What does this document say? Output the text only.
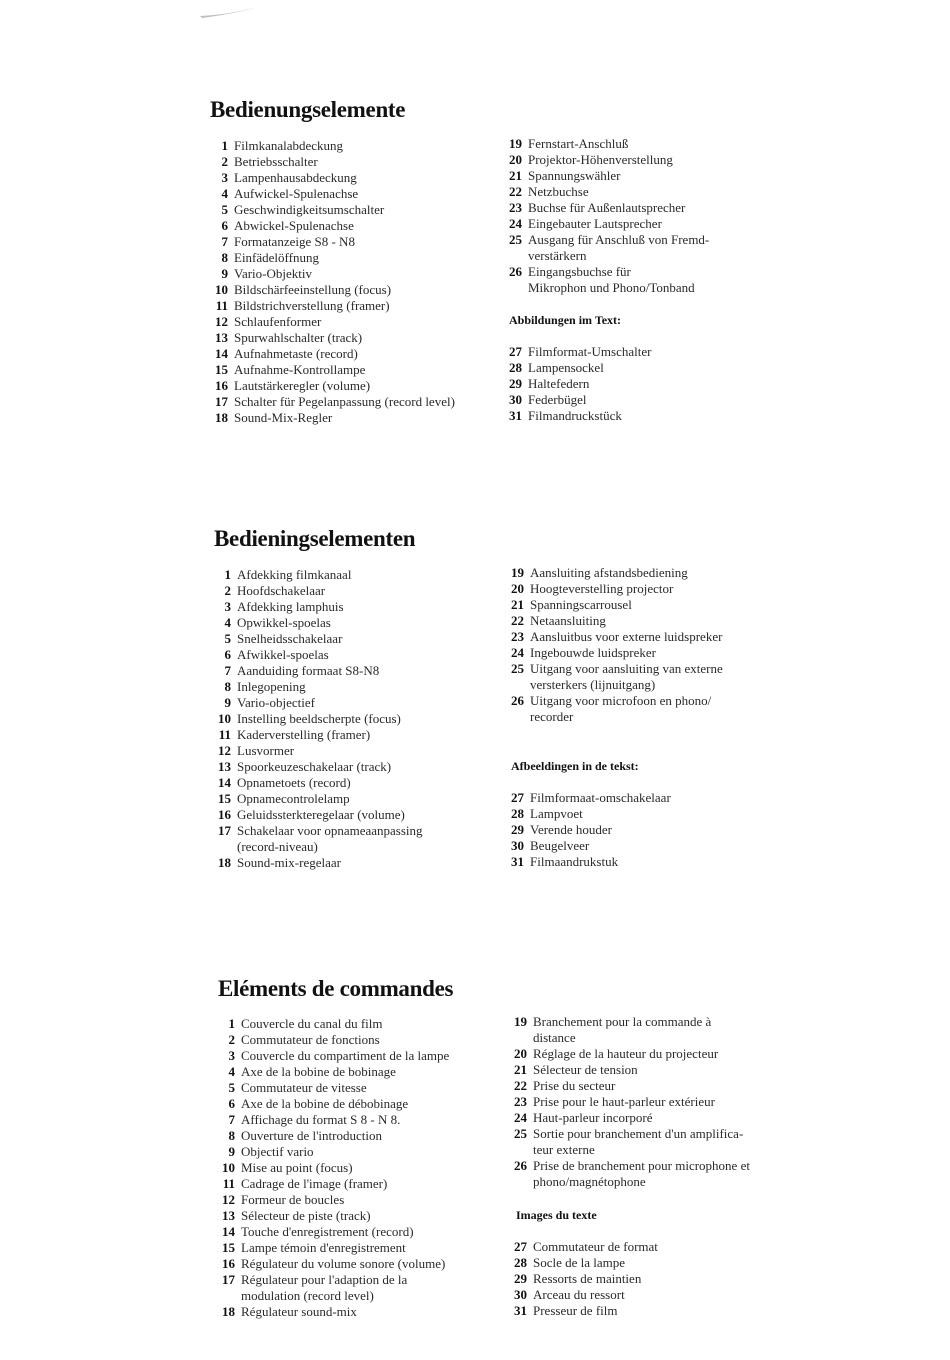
Bedienungselemente
1 Filmkanalabdeckung
2 Betriebsschalter
3 Lampenhausabdeckung
4 Aufwickel-Spulenachse
5 Geschwindigkeitsumschalter
6 Abwickel-Spulenachse
7 Formatanzeige S8 - N8
8 Einfädelöffnung
9 Vario-Objektiv
10 Bildschärfeeinstellung (focus)
11 Bildstrichverstellung (framer)
12 Schlaufenformer
13 Spurwahlschalter (track)
14 Aufnahmetaste (record)
15 Aufnahme-Kontrollampe
16 Lautstärkeregler (volume)
17 Schalter für Pegelanpassung (record level)
18 Sound-Mix-Regler
19 Fernstart-Anschluß
20 Projektor-Höhenverstellung
21 Spannungswähler
22 Netzbuchse
23 Buchse für Außenlautsprecher
24 Eingebauter Lautsprecher
25 Ausgang für Anschluß von Fremd-
verstärkern
26 Eingangsbuchse für
Mikrophon und Phono/Tonband
Abbildungen im Text:
27 Filmformat-Umschalter
28 Lampensockel
29 Haltefedern
30 Federbügel
31 Filmandruckstück
Bedieningselementen
1 Afdekking filmkanaal
2 Hoofdschakelaar
3 Afdekking lamphuis
4 Opwikkel-spoelas
5 Snelheidsschakelaar
6 Afwikkel-spoelas
7 Aanduiding formaat S8-N8
8 Inlegopening
9 Vario-objectief
10 Instelling beeldscherpte (focus)
11 Kaderverstelling (framer)
12 Lusvormer
13 Spoorkeuzeschakelaar (track)
14 Opnametoets (record)
15 Opnamecontrolelamp
16 Geluidssterkteregelaar (volume)
17 Schakelaar voor opnameaanpassing
(record-niveau)
18 Sound-mix-regelaar
19 Aansluiting afstandsbediening
20 Hoogteverstelling projector
21 Spanningscarrousel
22 Netaansluiting
23 Aansluitbus voor externe luidspreker
24 Ingebouwde luidspreker
25 Uitgang voor aansluiting van externe
versterkers (lijnuitgang)
26 Uitgang voor microfoon en phono/
recorder
Afbeeldingen in de tekst:
27 Filmformaat-omschakelaar
28 Lampvoet
29 Verende houder
30 Beugelveer
31 Filmaandrukstuk
Eléments de commandes
1 Couvercle du canal du film
2 Commutateur de fonctions
3 Couvercle du compartiment de la lampe
4 Axe de la bobine de bobinage
5 Commutateur de vitesse
6 Axe de la bobine de débobinage
7 Affichage du format S 8 - N 8.
8 Ouverture de l'introduction
9 Objectif vario
10 Mise au point (focus)
11 Cadrage de l'image (framer)
12 Formeur de boucles
13 Sélecteur de piste (track)
14 Touche d'enregistrement (record)
15 Lampe témoin d'enregistrement
16 Régulateur du volume sonore (volume)
17 Régulateur pour l'adaption de la
modulation (record level)
18 Régulateur sound-mix
19 Branchement pour la commande à
distance
20 Réglage de la hauteur du projecteur
21 Sélecteur de tension
22 Prise du secteur
23 Prise pour le haut-parleur extérieur
24 Haut-parleur incorporé
25 Sortie pour branchement d'un amplifica-
teur externe
26 Prise de branchement pour microphone et
phono/magnétophone
Images du texte
27 Commutateur de format
28 Socle de la lampe
29 Ressorts de maintien
30 Arceau du ressort
31 Presseur de film
